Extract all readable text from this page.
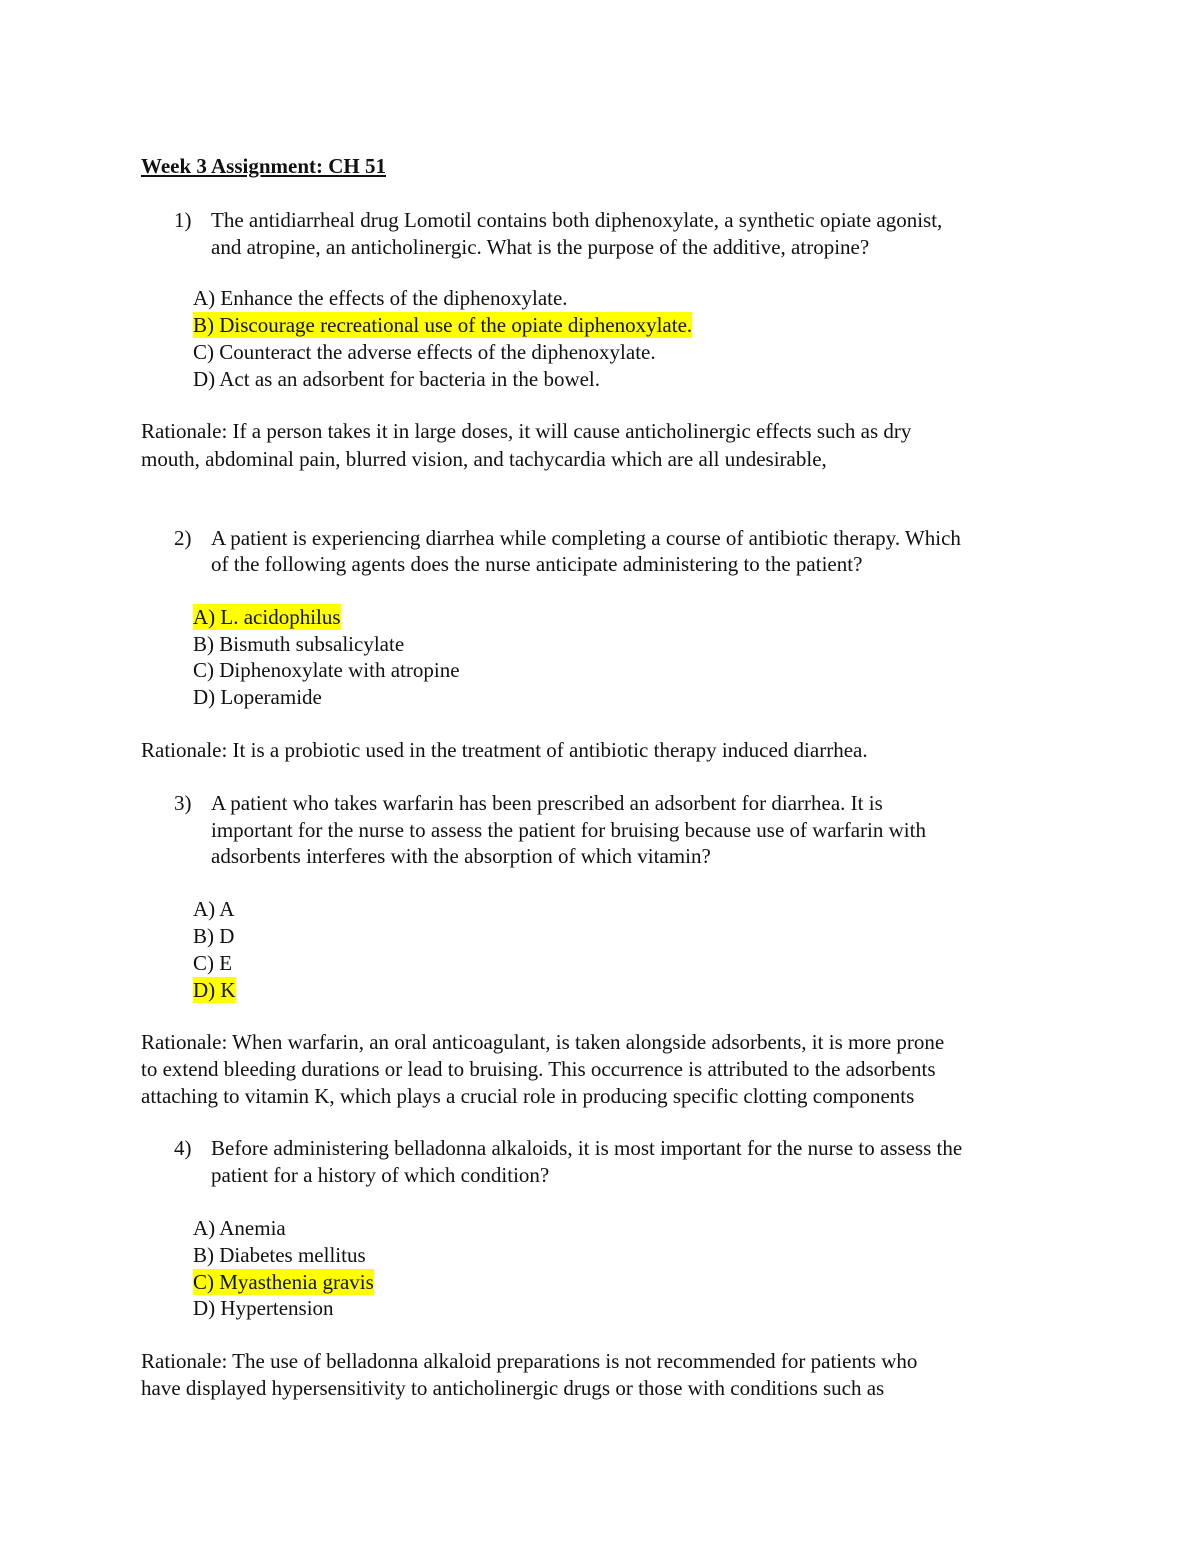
Week 3 Assignment: CH 51
1) The antidiarrheal drug Lomotil contains both diphenoxylate, a synthetic opiate agonist,
and atropine, an anticholinergic. What is the purpose of the additive, atropine?
A) Enhance the effects of the diphenoxylate.
B) Discourage recreational use of the opiate diphenoxylate.
C) Counteract the adverse effects of the diphenoxylate.
D) Act as an adsorbent for bacteria in the bowel.
Rationale: If a person takes it in large doses, it will cause anticholinergic effects such as dry
mouth, abdominal pain, blurred vision, and tachycardia which are all undesirable,
2) A patient is experiencing diarrhea while completing a course of antibiotic therapy. Which
of the following agents does the nurse anticipate administering to the patient?
A) L. acidophilus
B) Bismuth subsalicylate
C) Diphenoxylate with atropine
D) Loperamide
Rationale: It is a probiotic used in the treatment of antibiotic therapy induced diarrhea.
3) A patient who takes warfarin has been prescribed an adsorbent for diarrhea. It is
important for the nurse to assess the patient for bruising because use of warfarin with
adsorbents interferes with the absorption of which vitamin?
A) A
B) D
C) E
D) K
Rationale: When warfarin, an oral anticoagulant, is taken alongside adsorbents, it is more prone
to extend bleeding durations or lead to bruising. This occurrence is attributed to the adsorbents
attaching to vitamin K, which plays a crucial role in producing specific clotting components
4) Before administering belladonna alkaloids, it is most important for the nurse to assess the
patient for a history of which condition?
A) Anemia
B) Diabetes mellitus
C) Myasthenia gravis
D) Hypertension
Rationale: The use of belladonna alkaloid preparations is not recommended for patients who
have displayed hypersensitivity to anticholinergic drugs or those with conditions such as
